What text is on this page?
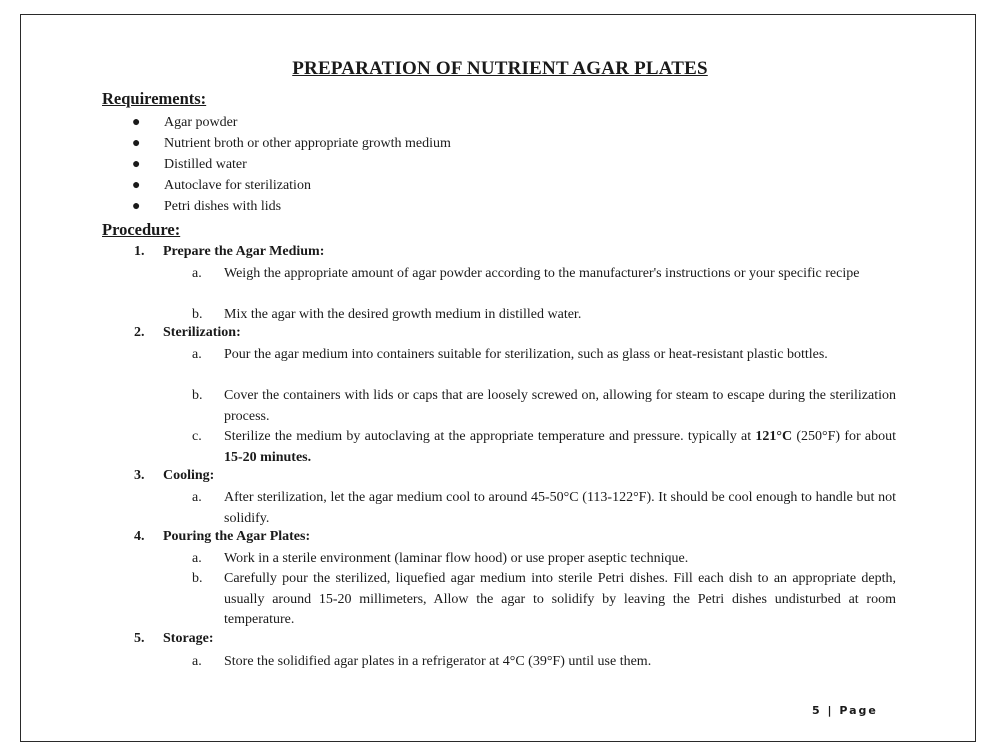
PREPARATION OF NUTRIENT AGAR PLATES
Requirements:
●	Agar powder
●	Nutrient broth or other appropriate growth medium
●	Distilled water
●	Autoclave for sterilization
●	Petri dishes with lids
Procedure:
1.	Prepare the Agar Medium:
a.	Weigh the appropriate amount of agar powder according to the manufacturer's instructions or your specific recipe
b.	Mix the agar with the desired growth medium in distilled water.
2.	Sterilization:
a.	Pour the agar medium into containers suitable for sterilization, such as glass or heat-resistant plastic bottles.
b.	Cover the containers with lids or caps that are loosely screwed on, allowing for steam to escape during the sterilization process.
c.	Sterilize the medium by autoclaving at the appropriate temperature and pressure. typically at 121°C (250°F) for about 15-20 minutes.
3.	Cooling:
a.	After sterilization, let the agar medium cool to around 45-50°C (113-122°F). It should be cool enough to handle but not solidify.
4.	Pouring the Agar Plates:
a.	Work in a sterile environment (laminar flow hood) or use proper aseptic technique.
b.	Carefully pour the sterilized, liquefied agar medium into sterile Petri dishes. Fill each dish to an appropriate depth, usually around 15-20 millimeters, Allow the agar to solidify by leaving the Petri dishes undisturbed at room temperature.
5.	Storage:
a.	Store the solidified agar plates in a refrigerator at 4°C (39°F) until use them.
5 | Page
